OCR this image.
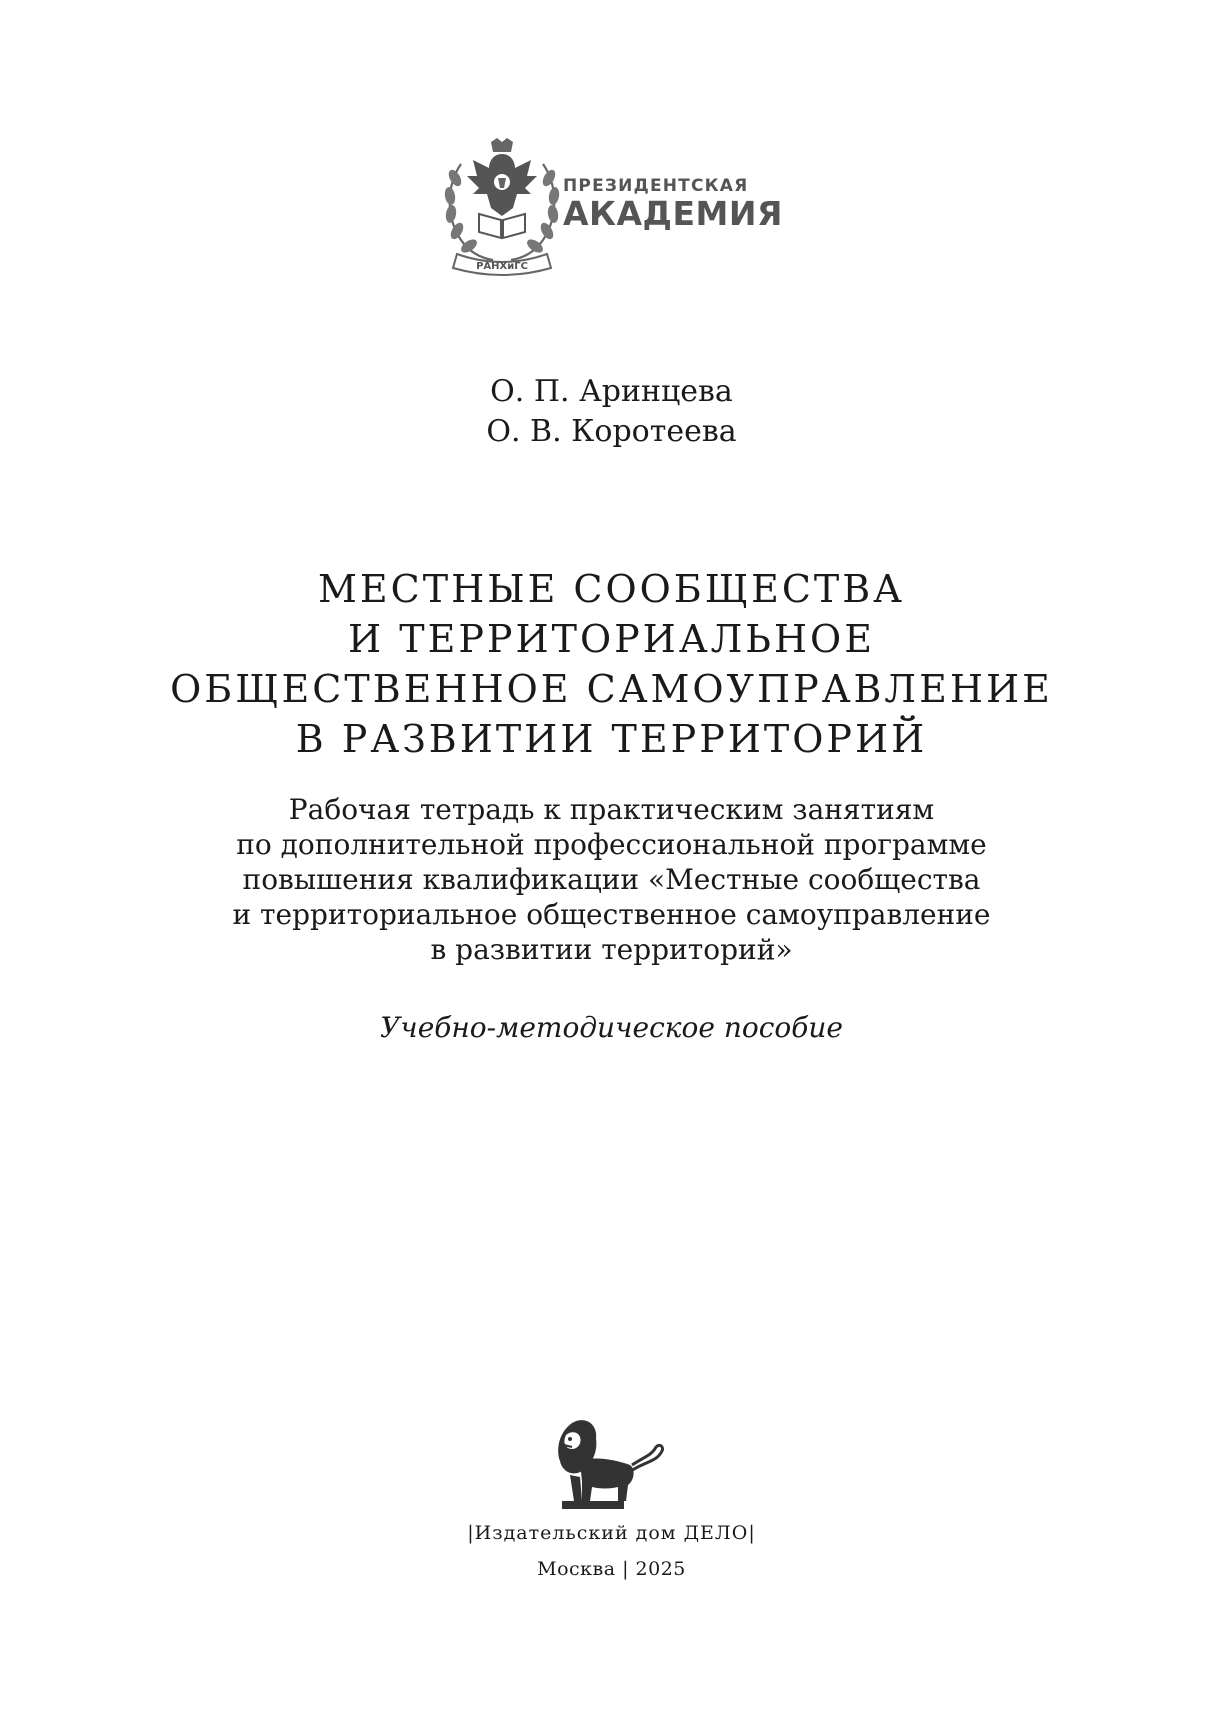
РАНХиГС
ПРЕЗИДЕНТСКАЯ
АКАДЕМИЯ
О. П. Аринцева
О. В. Коротеева
МЕСТНЫЕ СООБЩЕСТВА
И ТЕРРИТОРИАЛЬНОЕ
ОБЩЕСТВЕННОЕ САМОУПРАВЛЕНИЕ
В РАЗВИТИИ ТЕРРИТОРИЙ
Рабочая тетрадь к практическим занятиям
по дополнительной профессиональной программе
повышения квалификации «Местные сообщества
и территориальное общественное самоуправление
в развитии территорий»
Учебно-методическое пособие
|Издательский дом ДЕЛО|
Москва | 2025
